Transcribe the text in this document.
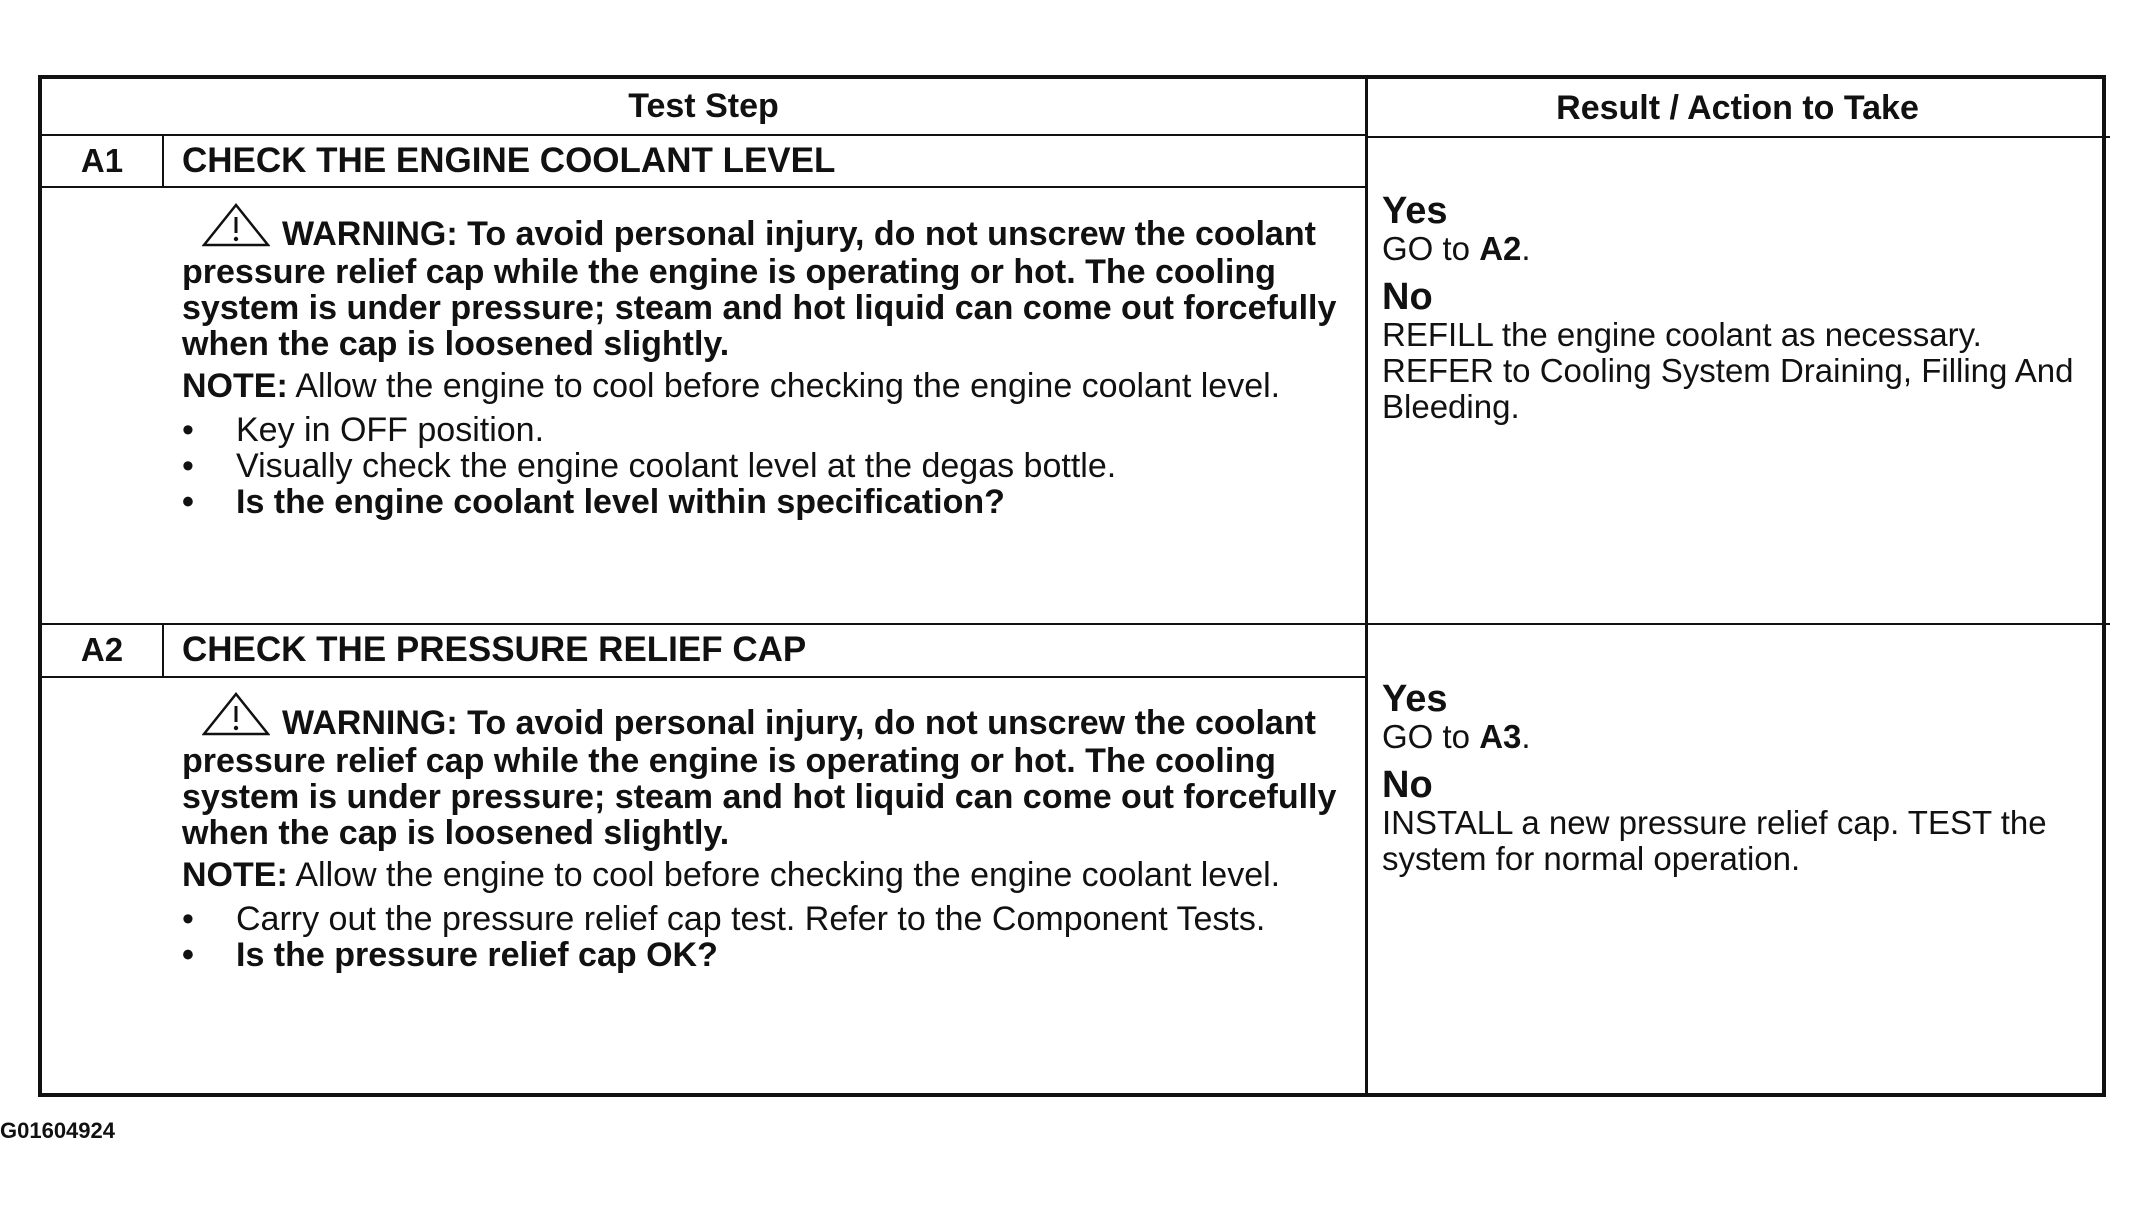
Test Step	Result / Action to Take
A1	CHECK THE ENGINE COOLANT LEVEL

WARNING: To avoid personal injury, do not unscrew the coolant pressure relief cap while the engine is operating or hot. The cooling system is under pressure; steam and hot liquid can come out forcefully when the cap is loosened slightly.

NOTE: Allow the engine to cool before checking the engine coolant level.

• Key in OFF position.
• Visually check the engine coolant level at the degas bottle.
• Is the engine coolant level within specification?

Yes

GO to A2.

No

REFILL the engine coolant as necessary. REFER to Cooling System Draining, Filling And Bleeding.

A2	CHECK THE PRESSURE RELIEF CAP

WARNING: To avoid personal injury, do not unscrew the coolant pressure relief cap while the engine is operating or hot. The cooling system is under pressure; steam and hot liquid can come out forcefully when the cap is loosened slightly.

NOTE: Allow the engine to cool before checking the engine coolant level.

• Carry out the pressure relief cap test. Refer to the Component Tests.
• Is the pressure relief cap OK?

Yes

GO to A3.

No

INSTALL a new pressure relief cap. TEST the system for normal operation.

G01604924
